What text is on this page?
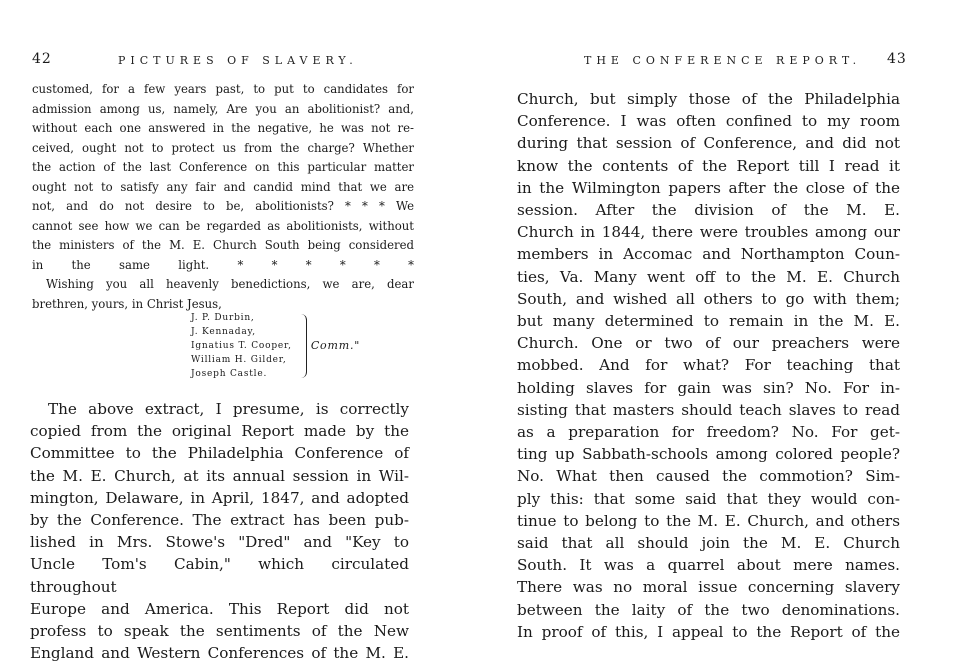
42	PICTURES OF SLAVERY.

customed, for a few years past, to put to candidates for

admission among us, namely, Are you an abolitionist? and,

without each one answered in the negative, he was not re-

ceived, ought not to protect us from the charge? Whether

the action of the last Conference on this particular matter

ought not to satisfy any fair and candid mind that we are

not, and do not desire to be, abolitionists? * * * We

cannot see how we can be regarded as abolitionists, without

the ministers of the M. E. Church South being considered

in the same light. * * * * * *

Wishing you all heavenly benedictions, we are, dear

brethren, yours, in Christ Jesus,

J. P. Durbin,
J. Kennaday,
Ignatius T. Cooper,
William H. Gilder,
Joseph Castle.
Comm."

The above extract, I presume, is correctly

copied from the original Report made by the

Committee to the Philadelphia Conference of

the M. E. Church, at its annual session in Wil-

mington, Delaware, in April, 1847, and adopted

by the Conference. The extract has been pub-

lished in Mrs. Stowe's "Dred" and "Key to

Uncle Tom's Cabin," which circulated throughout

Europe and America. This Report did not

profess to speak the sentiments of the New

England and Western Conferences of the M. E.

THE CONFERENCE REPORT. 43

Church, but simply those of the Philadelphia

Conference. I was often confined to my room

during that session of Conference, and did not

know the contents of the Report till I read it

in the Wilmington papers after the close of the

session. After the division of the M. E.

Church in 1844, there were troubles among our

members in Accomac and Northampton Coun-

ties, Va. Many went off to the M. E. Church

South, and wished all others to go with them;

but many determined to remain in the M. E.

Church. One or two of our preachers were

mobbed. And for what? For teaching that

holding slaves for gain was sin? No. For in-

sisting that masters should teach slaves to read

as a preparation for freedom? No. For get-

ting up Sabbath-schools among colored people?

No. What then caused the commotion? Sim-

ply this: that some said that they would con-

tinue to belong to the M. E. Church, and others

said that all should join the M. E. Church

South. It was a quarrel about mere names.

There was no moral issue concerning slavery

between the laity of the two denominations.

In proof of this, I appeal to the Report of the
